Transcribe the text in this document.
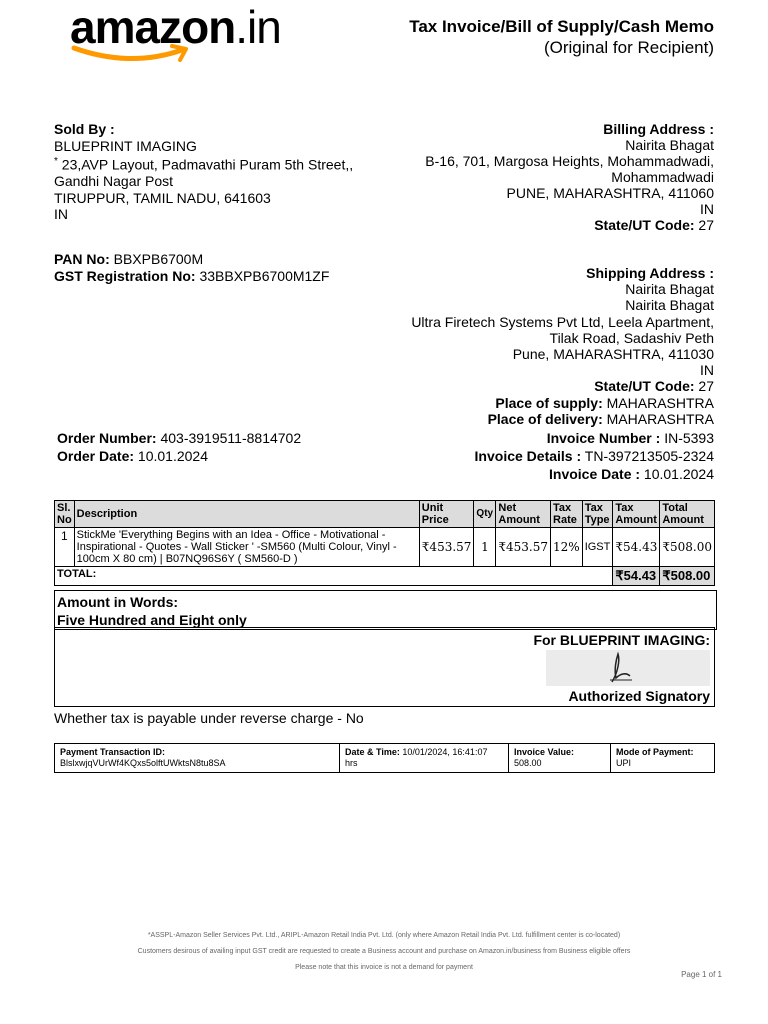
amazon.in	Tax Invoice/Bill of Supply/Cash Memo
(Original for Recipient)
Sold By :
BLUEPRINT IMAGING
* 23,AVP Layout, Padmavathi Puram 5th Street,,
Gandhi Nagar Post
TIRUPPUR, TAMIL NADU, 641603
IN
Billing Address :
Nairita Bhagat
B-16, 701, Margosa Heights, Mohammadwadi,
Mohammadwadi
PUNE, MAHARASHTRA, 411060
IN
State/UT Code: 27
PAN No: BBXPB6700M
GST Registration No: 33BBXPB6700M1ZF	Shipping Address :
Nairita Bhagat
Nairita Bhagat
Ultra Firetech Systems Pvt Ltd, Leela Apartment,
Tilak Road, Sadashiv Peth
Pune, MAHARASHTRA, 411030
IN
State/UT Code: 27
Place of supply: MAHARASHTRA
Place of delivery: MAHARASHTRA
Order Number: 403-3919511-8814702
Order Date: 10.01.2024
Invoice Number : IN-5393
Invoice Details : TN-397213505-2324
Invoice Date : 10.01.2024
Sl. No	Description	Unit Price	Qty	Net Amount	Tax Rate	Tax Type	Tax Amount	Total Amount
1	StickMe 'Everything Begins with an Idea - Office - Motivational - Inspirational - Quotes - Wall Sticker ' -SM560 (Multi Colour, Vinyl - 100cm X 80 cm) | B07NQ96S6Y ( SM560-D )	₹453.57	1	₹453.57	12%	IGST	₹54.43	₹508.00
TOTAL:							₹54.43	₹508.00
Amount in Words:
Five Hundred and Eight only
For BLUEPRINT IMAGING:
Authorized Signatory
Whether tax is payable under reverse charge - No
Payment Transaction ID:
BlslxwjqVUrWf4KQxs5olftUWktsN8tu8SA

Date & Time: 10/01/2024, 16:41:07
hrs

Invoice Value:
508.00

Mode of Payment:
UPI
*ASSPL-Amazon Seller Services Pvt. Ltd., ARIPL-Amazon Retail India Pvt. Ltd. (only where Amazon Retail India Pvt. Ltd. fulfillment center is co-located)
Customers desirous of availing input GST credit are requested to create a Business account and purchase on Amazon.in/business from Business eligible offers
Please note that this invoice is not a demand for payment
Page 1 of 1
